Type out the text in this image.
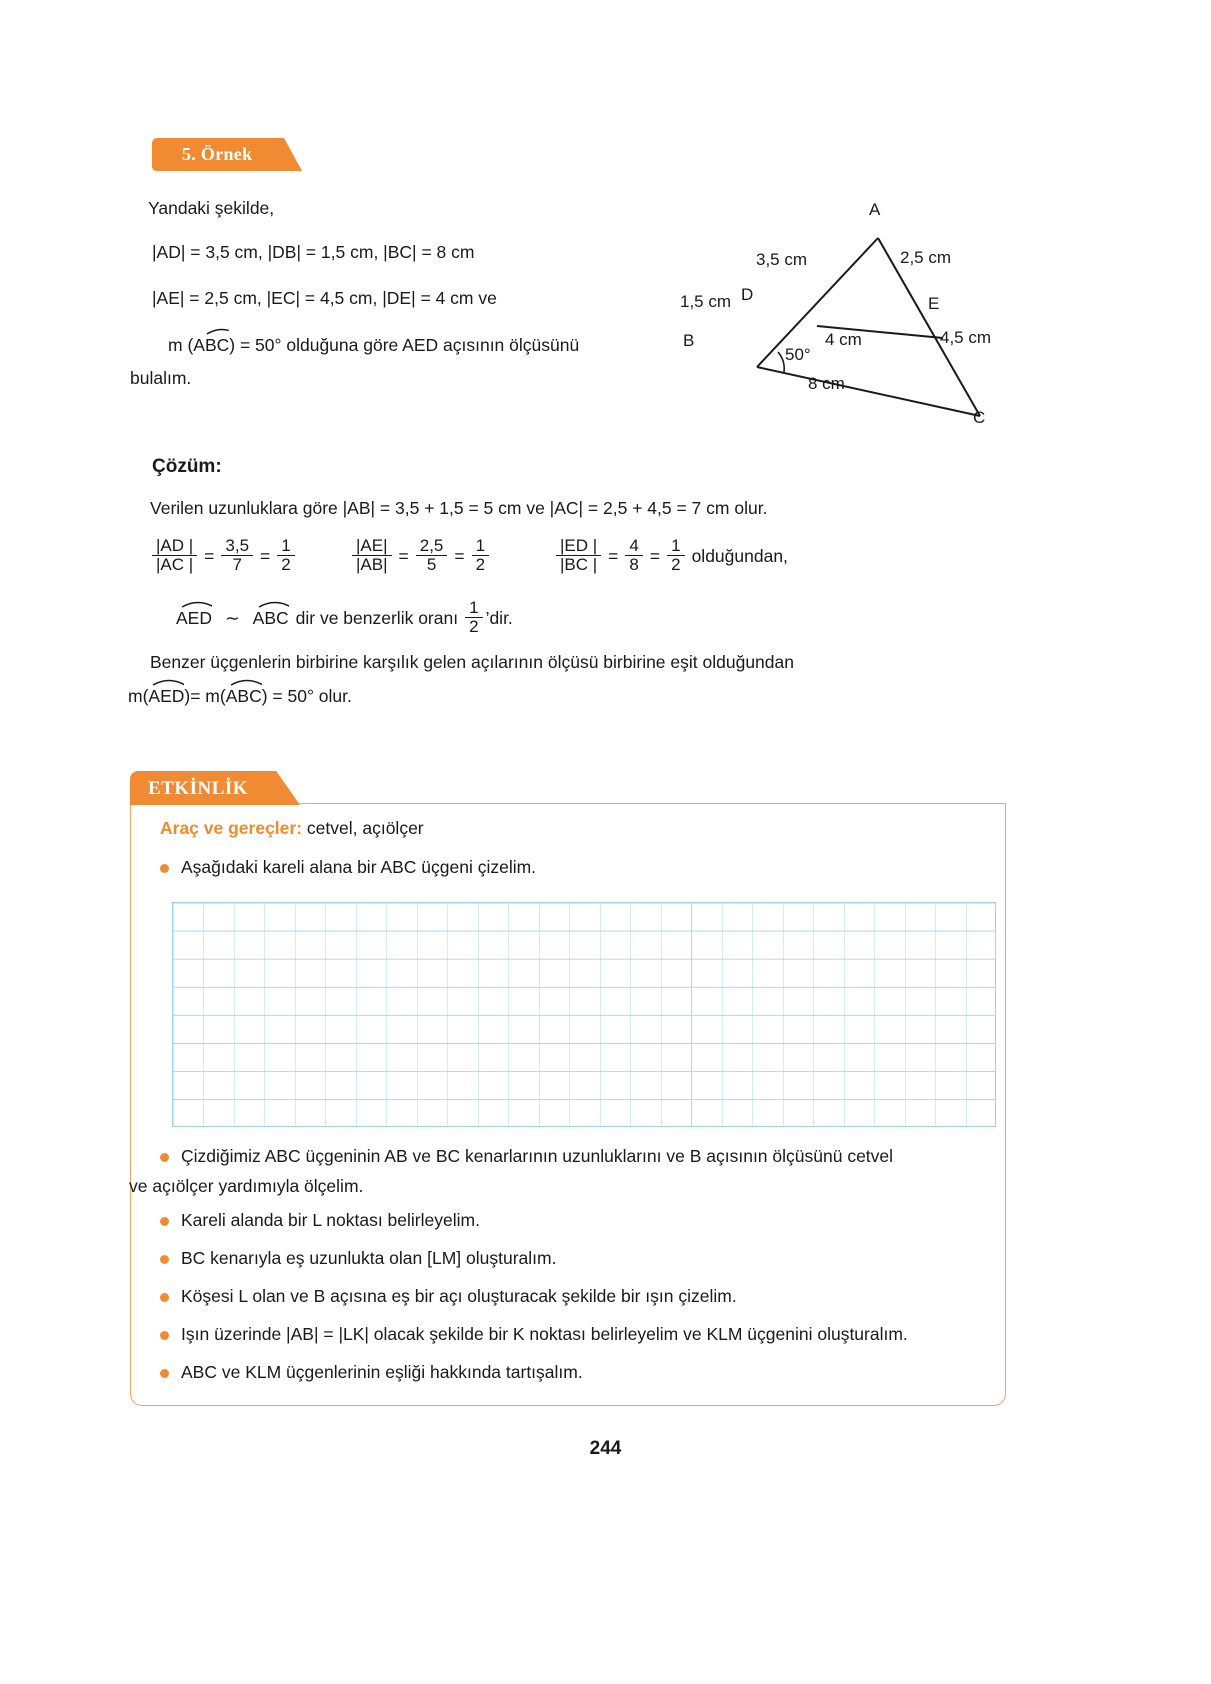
5. Örnek
Yandaki şekilde,
|AD| = 3,5 cm, |DB| = 1,5 cm, |BC| = 8 cm
|AE| = 2,5 cm, |EC| = 4,5 cm, |DE| = 4 cm ve
m (A
BC) = 50° olduğuna göre AED açısının ölçüsünü
bulalım.
A
B
C
D	E
3,5 cm	2,5 cm
1,5 cm
4 cm	4,5 cm
8 cm
50°
Çözüm:
Verilen uzunluklara göre |AB| = 3,5 + 1,5 = 5 cm ve |AC| = 2,5 + 4,5 = 7 cm olur.
$\frac{|AD |}{|AC |} = \frac{3,5}{7} = \frac{1}{2}$	$\frac{|AE|}{|AB|} = \frac{2,5}{5} = \frac{1}{2}$	$\frac{|ED |}{|BC |} = \frac{4}{8} = \frac{1}{2}$ olduğundan,
AED ∼ ABC dir ve benzerlik oranı $\frac{1}{2}$ ’dir.
Benzer üçgenlerin birbirine karşılık gelen açılarının ölçüsü birbirine eşit olduğundan
m(
AED)= m(
ABC) = 50° olur.
ETKİNLİK
Araç ve gereçler: cetvel, açıölçer
Aşağıdaki kareli alana bir ABC üçgeni çizelim.
Çizdiğimiz ABC üçgeninin AB ve BC kenarlarının uzunluklarını ve B açısının ölçüsünü cetvel
ve açıölçer yardımıyla ölçelim.
Kareli alanda bir L noktası belirleyelim.
BC kenarıyla eş uzunlukta olan [LM] oluşturalım.
Köşesi L olan ve B açısına eş bir açı oluşturacak şekilde bir ışın çizelim.
Işın üzerinde |AB| = |LK| olacak şekilde bir K noktası belirleyelim ve KLM üçgenini oluşturalım.
ABC ve KLM üçgenlerinin eşliği hakkında tartışalım.
244
